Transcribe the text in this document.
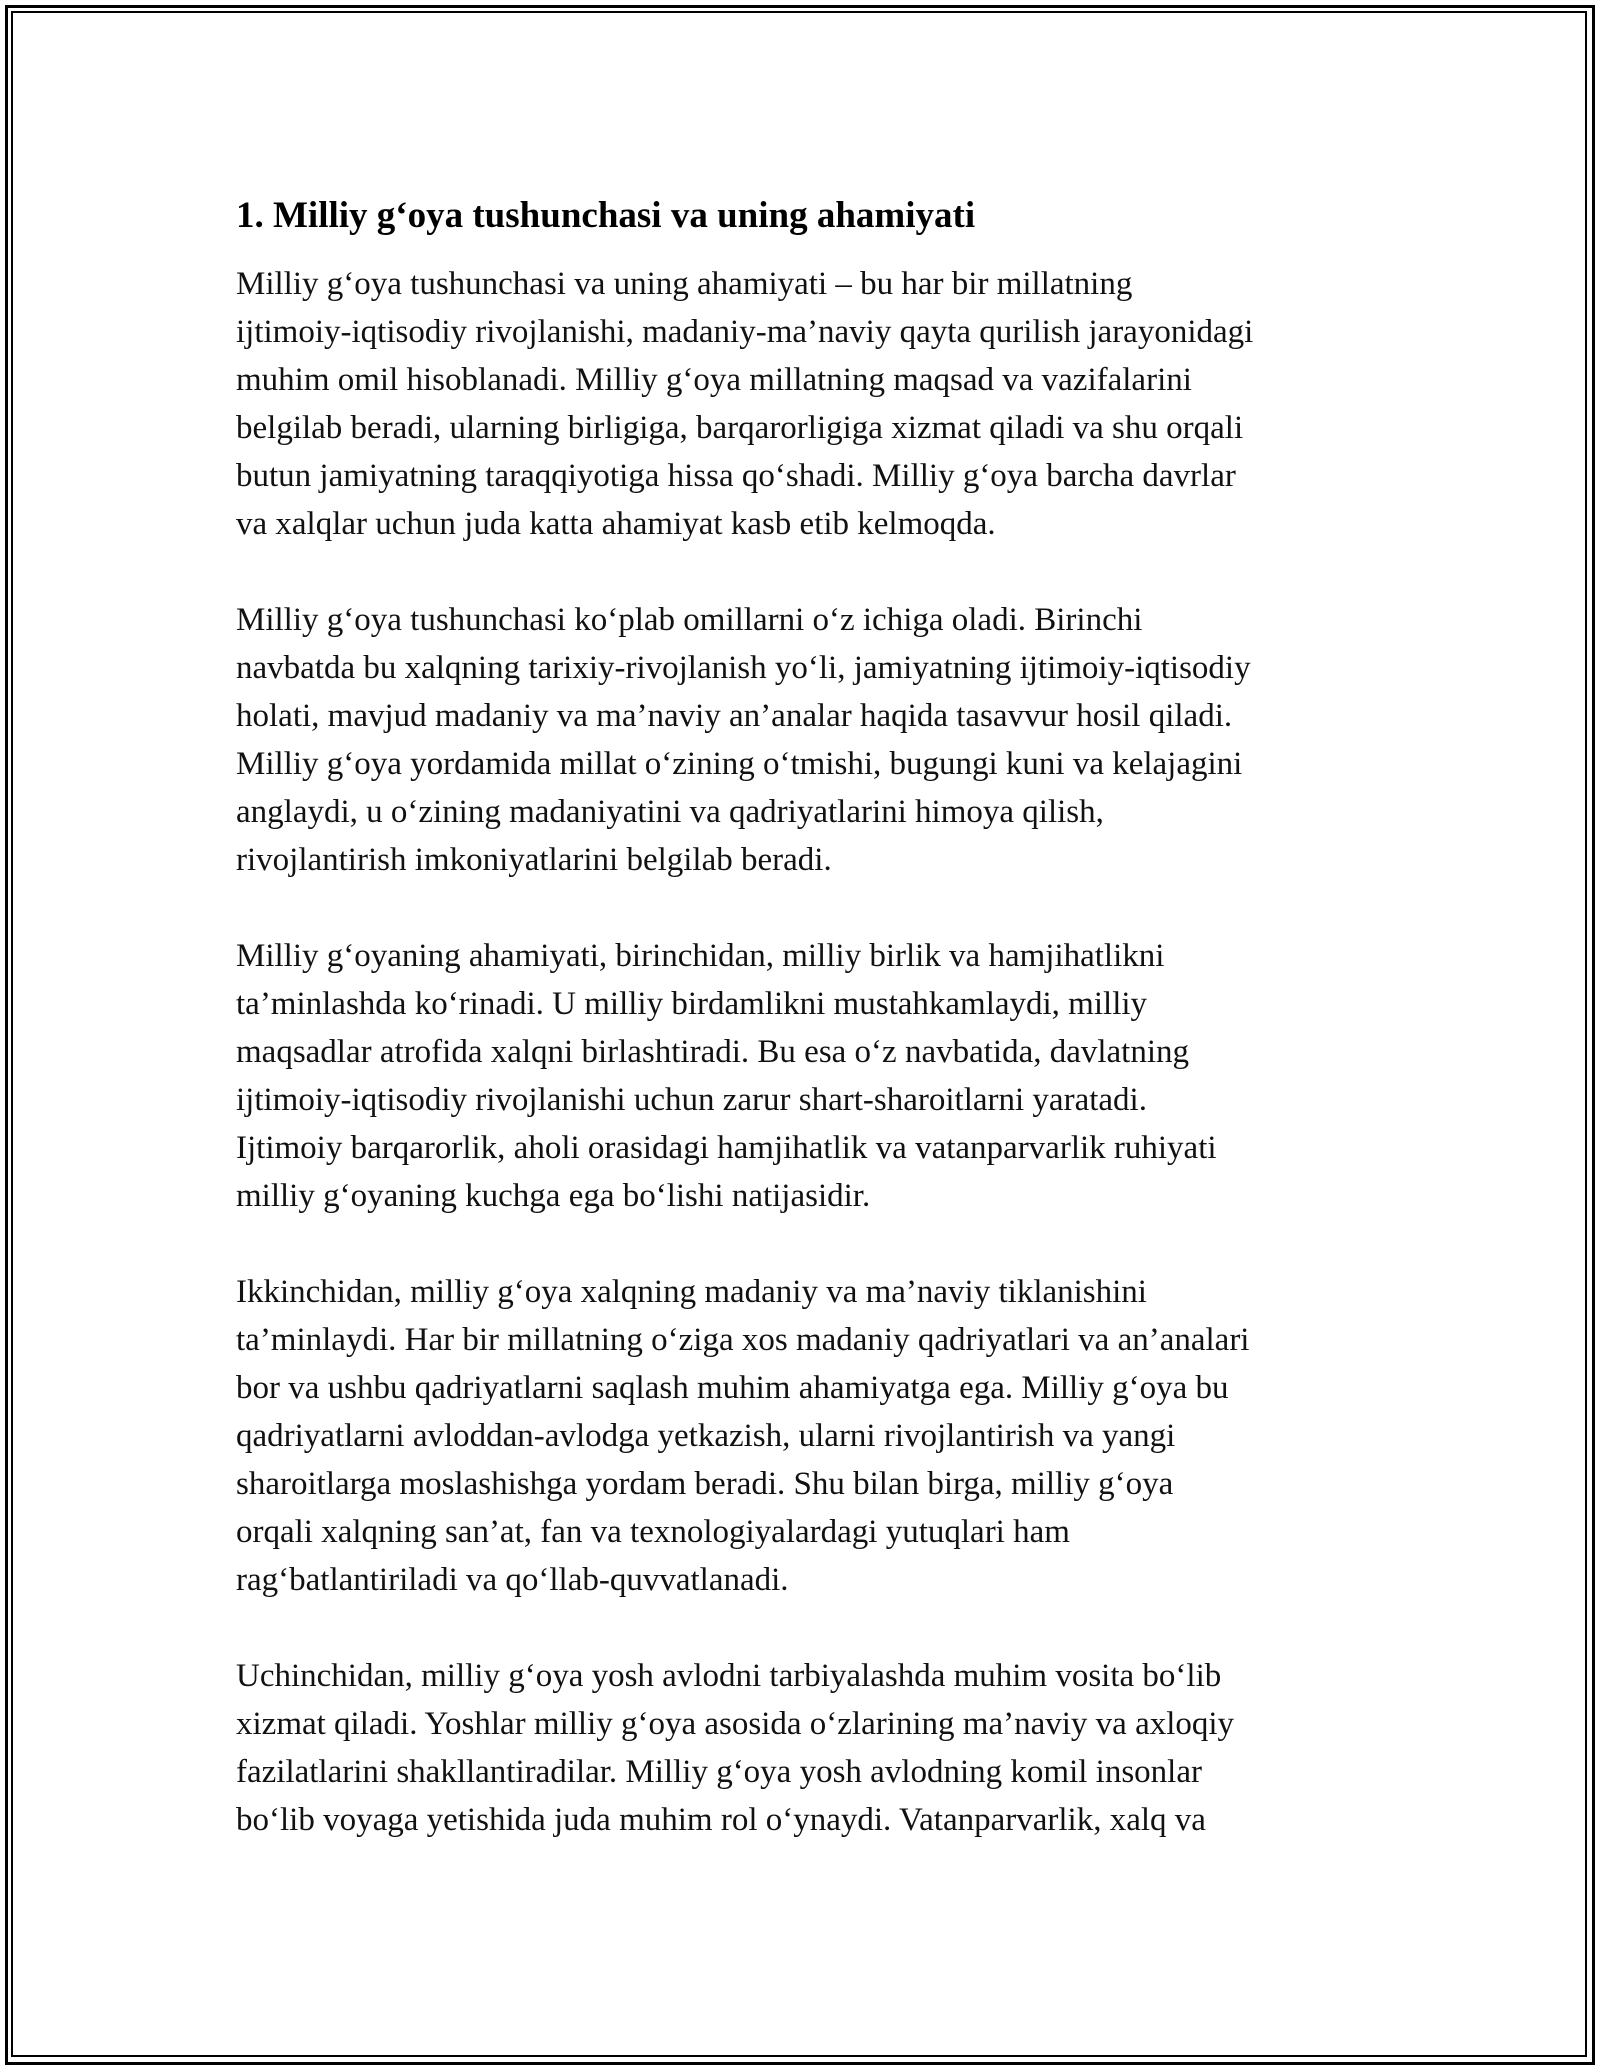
1. Milliy g‘oya tushunchasi va uning ahamiyati

Milliy g‘oya tushunchasi va uning ahamiyati – bu har bir millatning
ijtimoiy-iqtisodiy rivojlanishi, madaniy-ma’naviy qayta qurilish jarayonidagi
muhim omil hisoblanadi. Milliy g‘oya millatning maqsad va vazifalarini
belgilab beradi, ularning birligiga, barqarorligiga xizmat qiladi va shu orqali
butun jamiyatning taraqqiyotiga hissa qo‘shadi. Milliy g‘oya barcha davrlar
va xalqlar uchun juda katta ahamiyat kasb etib kelmoqda.

Milliy g‘oya tushunchasi ko‘plab omillarni o‘z ichiga oladi. Birinchi
navbatda bu xalqning tarixiy-rivojlanish yo‘li, jamiyatning ijtimoiy-iqtisodiy
holati, mavjud madaniy va ma’naviy an’analar haqida tasavvur hosil qiladi.
Milliy g‘oya yordamida millat o‘zining o‘tmishi, bugungi kuni va kelajagini
anglaydi, u o‘zining madaniyatini va qadriyatlarini himoya qilish,
rivojlantirish imkoniyatlarini belgilab beradi.

Milliy g‘oyaning ahamiyati, birinchidan, milliy birlik va hamjihatlikni
ta’minlashda ko‘rinadi. U milliy birdamlikni mustahkamlaydi, milliy
maqsadlar atrofida xalqni birlashtiradi. Bu esa o‘z navbatida, davlatning
ijtimoiy-iqtisodiy rivojlanishi uchun zarur shart-sharoitlarni yaratadi.
Ijtimoiy barqarorlik, aholi orasidagi hamjihatlik va vatanparvarlik ruhiyati
milliy g‘oyaning kuchga ega bo‘lishi natijasidir.

Ikkinchidan, milliy g‘oya xalqning madaniy va ma’naviy tiklanishini
ta’minlaydi. Har bir millatning o‘ziga xos madaniy qadriyatlari va an’analari
bor va ushbu qadriyatlarni saqlash muhim ahamiyatga ega. Milliy g‘oya bu
qadriyatlarni avloddan-avlodga yetkazish, ularni rivojlantirish va yangi
sharoitlarga moslashishga yordam beradi. Shu bilan birga, milliy g‘oya
orqali xalqning san’at, fan va texnologiyalardagi yutuqlari ham
rag‘batlantiriladi va qo‘llab-quvvatlanadi.

Uchinchidan, milliy g‘oya yosh avlodni tarbiyalashda muhim vosita bo‘lib
xizmat qiladi. Yoshlar milliy g‘oya asosida o‘zlarining ma’naviy va axloqiy
fazilatlarini shakllantiradilar. Milliy g‘oya yosh avlodning komil insonlar
bo‘lib voyaga yetishida juda muhim rol o‘ynaydi. Vatanparvarlik, xalq va
